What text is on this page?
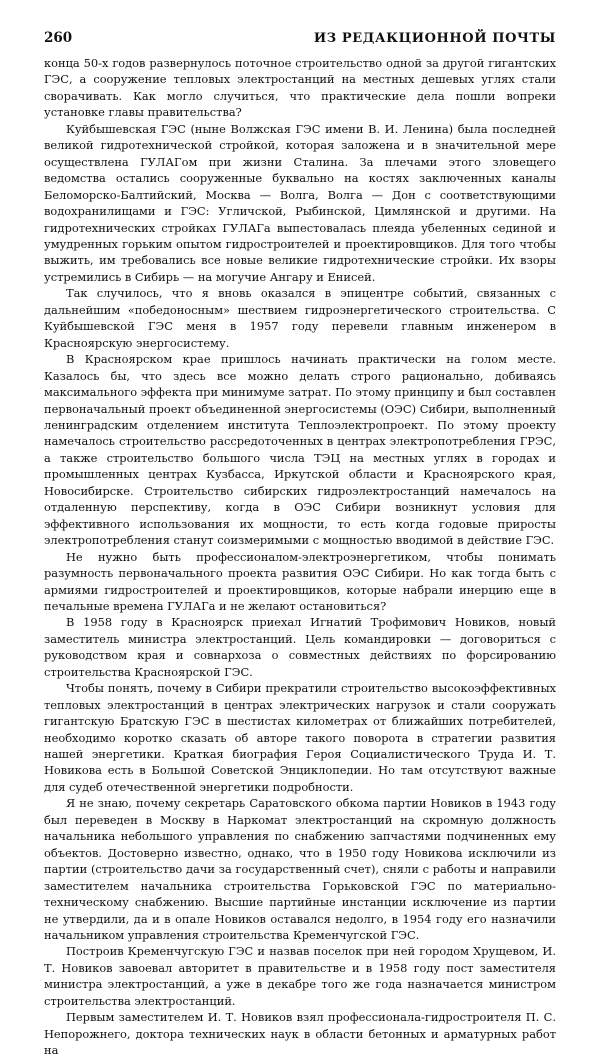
260	ИЗ РЕДАКЦИОННОЙ ПОЧТЫ

конца 50-х годов развернулось поточное строительство одной за другой гигантских ГЭС, а сооружение тепловых электростанций на местных дешевых углях стали сворачивать. Как могло случиться, что практические дела пошли вопреки установке главы правительства?

Куйбышевская ГЭС (ныне Волжская ГЭС имени В. И. Ленина) была последней великой гидротехнической стройкой, которая заложена и в значительной мере осуществлена ГУЛАГом при жизни Сталина. За плечами этого зловещего ведомства остались сооруженные буквально на костях заключенных каналы Беломорско-Балтийский, Москва — Волга, Волга — Дон с соответствующими водохранилищами и ГЭС: Угличской, Рыбинской, Цимлянской и другими. На гидротехнических стройках ГУЛАГа выпестовалась плеяда убеленных сединой и умудренных горьким опытом гидростроителей и проектировщиков. Для того чтобы выжить, им требовались все новые великие гидротехнические стройки. Их взоры устремились в Сибирь — на могучие Ангару и Енисей.

Так случилось, что я вновь оказался в эпицентре событий, связанных с дальнейшим «победоносным» шествием гидроэнергетического строительства. С Куйбышевской ГЭС меня в 1957 году перевели главным инженером в Красноярскую энергосистему.

В Красноярском крае пришлось начинать практически на голом месте. Казалось бы, что здесь все можно делать строго рационально, добиваясь максимального эффекта при минимуме затрат. По этому принципу и был составлен первоначальный проект объединенной энергосистемы (ОЭС) Сибири, выполненный ленинградским отделением института Теплоэлектропроект. По этому проекту намечалось строительство рассредоточенных в центрах электропотребления ГРЭС, а также строительство большого числа ТЭЦ на местных углях в городах и промышленных центрах Кузбасса, Иркутской области и Красноярского края, Новосибирске. Строительство сибирских гидроэлектростанций намечалось на отдаленную перспективу, когда в ОЭС Сибири возникнут условия для эффективного использования их мощности, то есть когда годовые приросты электропотребления станут соизмеримыми с мощностью вводимой в действие ГЭС.

Не нужно быть профессионалом-электроэнергетиком, чтобы понимать разумность первоначального проекта развития ОЭС Сибири. Но как тогда быть с армиями гидростроителей и проектировщиков, которые набрали инерцию еще в печальные времена ГУЛАГа и не желают остановиться?

В 1958 году в Красноярск приехал Игнатий Трофимович Новиков, новый заместитель министра электростанций. Цель командировки — договориться с руководством края и совнархоза о совместных действиях по форсированию строительства Красноярской ГЭС.

Чтобы понять, почему в Сибири прекратили строительство высокоэффективных тепловых электростанций в центрах электрических нагрузок и стали сооружать гигантскую Братскую ГЭС в шестистах километрах от ближайших потребителей, необходимо коротко сказать об авторе такого поворота в стратегии развития нашей энергетики. Краткая биография Героя Социалистического Труда И. Т. Новикова есть в Большой Советской Энциклопедии. Но там отсутствуют важные для судеб отечественной энергетики подробности.

Я не знаю, почему секретарь Саратовского обкома партии Новиков в 1943 году был переведен в Москву в Наркомат электростанций на скромную должность начальника небольшого управления по снабжению запчастями подчиненных ему объектов. Достоверно известно, однако, что в 1950 году Новикова исключили из партии (строительство дачи за государственный счет), сняли с работы и направили заместителем начальника строительства Горьковской ГЭС по материально-техническому снабжению. Высшие партийные инстанции исключение из партии не утвердили, да и в опале Новиков оставался недолго, в 1954 году его назначили начальником управления строительства Кременчугской ГЭС.

Построив Кременчугскую ГЭС и назвав поселок при ней городом Хрущевом, И. Т. Новиков завоевал авторитет в правительстве и в 1958 году пост заместителя министра электростанций, а уже в декабре того же года назначается министром строительства электростанций.

Первым заместителем И. Т. Новиков взял профессионала-гидростроителя П. С. Непорожнего, доктора технических наук в области бетонных и арматурных работ на
